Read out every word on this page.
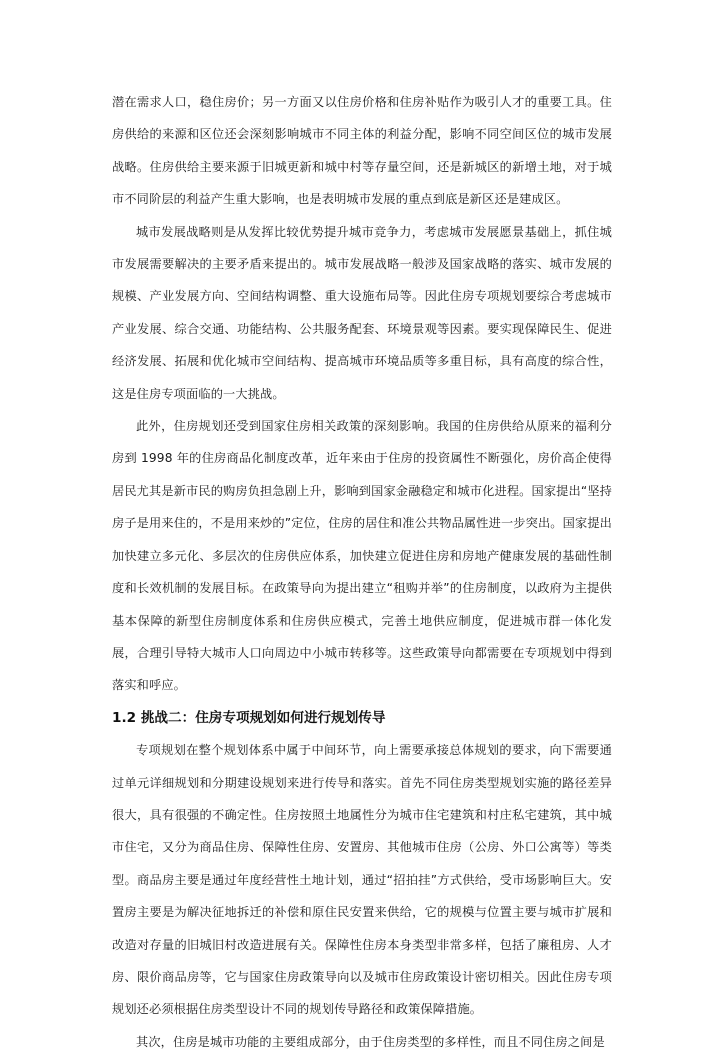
潜在需求人口，稳住房价；另一方面又以住房价格和住房补贴作为吸引人才的重要工具。住房供给的来源和区位还会深刻影响城市不同主体的利益分配，影响不同空间区位的城市发展战略。住房供给主要来源于旧城更新和城中村等存量空间，还是新城区的新增土地，对于城市不同阶层的利益产生重大影响，也是表明城市发展的重点到底是新区还是建成区。

城市发展战略则是从发挥比较优势提升城市竞争力，考虑城市发展愿景基础上，抓住城市发展需要解决的主要矛盾来提出的。城市发展战略一般涉及国家战略的落实、城市发展的规模、产业发展方向、空间结构调整、重大设施布局等。因此住房专项规划要综合考虑城市产业发展、综合交通、功能结构、公共服务配套、环境景观等因素。要实现保障民生、促进经济发展、拓展和优化城市空间结构、提高城市环境品质等多重目标，具有高度的综合性，这是住房专项面临的一大挑战。

此外，住房规划还受到国家住房相关政策的深刻影响。我国的住房供给从原来的福利分房到 1998 年的住房商品化制度改革，近年来由于住房的投资属性不断强化，房价高企使得居民尤其是新市民的购房负担急剧上升，影响到国家金融稳定和城市化进程。国家提出“坚持房子是用来住的，不是用来炒的”定位，住房的居住和准公共物品属性进一步突出。国家提出加快建立多元化、多层次的住房供应体系，加快建立促进住房和房地产健康发展的基础性制度和长效机制的发展目标。在政策导向为提出建立“租购并举”的住房制度，以政府为主提供基本保障的新型住房制度体系和住房供应模式，完善土地供应制度，促进城市群一体化发展，合理引导特大城市人口向周边中小城市转移等。这些政策导向都需要在专项规划中得到落实和呼应。

1.2 挑战二：住房专项规划如何进行规划传导

专项规划在整个规划体系中属于中间环节，向上需要承接总体规划的要求，向下需要通过单元详细规划和分期建设规划来进行传导和落实。首先不同住房类型规划实施的路径差异很大，具有很强的不确定性。住房按照土地属性分为城市住宅建筑和村庄私宅建筑，其中城市住宅，又分为商品住房、保障性住房、安置房、其他城市住房（公房、外口公寓等）等类型。商品房主要是通过年度经营性土地计划，通过“招拍挂”方式供给，受市场影响巨大。安置房主要是为解决征地拆迁的补偿和原住民安置来供给，它的规模与位置主要与城市扩展和改造对存量的旧城旧村改造进展有关。保障性住房本身类型非常多样，包括了廉租房、人才房、限价商品房等，它与国家住房政策导向以及城市住房政策设计密切相关。因此住房专项规划还必须根据住房类型设计不同的规划传导路径和政策保障措施。

其次，住房是城市功能的主要组成部分，由于住房类型的多样性，而且不同住房之间是
